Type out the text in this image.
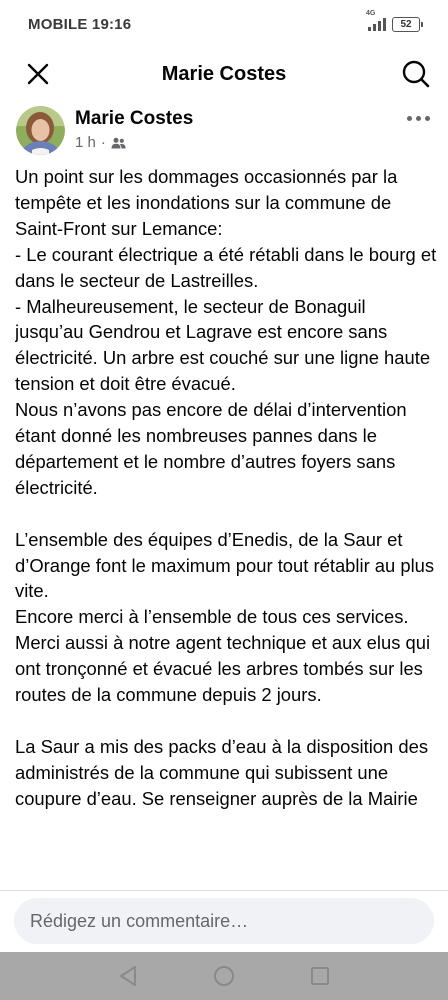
MOBILE 19:16
4G
52
Marie Costes
Marie Costes
1 h ·

Un point sur les dommages occasionnés par la tempête et les inondations sur la commune de Saint-Front sur Lemance:
- Le courant électrique a été rétabli dans le bourg et dans le secteur de Lastreilles.
- Malheureusement, le secteur de Bonaguil jusqu’au Gendrou et Lagrave est encore sans électricité. Un arbre est couché sur une ligne haute tension et doit être évacué.
Nous n’avons pas encore de délai d’intervention étant donné les nombreuses pannes dans le département et le nombre d’autres foyers sans électricité.

L’ensemble des équipes d’Enedis, de la Saur et d’Orange font le maximum pour tout rétablir au plus vite.
Encore merci à l’ensemble de tous ces services.
Merci aussi à notre agent technique et aux elus qui ont tronçonné et évacué les arbres tombés sur les routes de la commune depuis 2 jours.

La Saur a mis des packs d’eau à la disposition des administrés de la commune qui subissent une coupure d’eau. Se renseigner auprès de la Mairie

Rédigez un commentaire…
